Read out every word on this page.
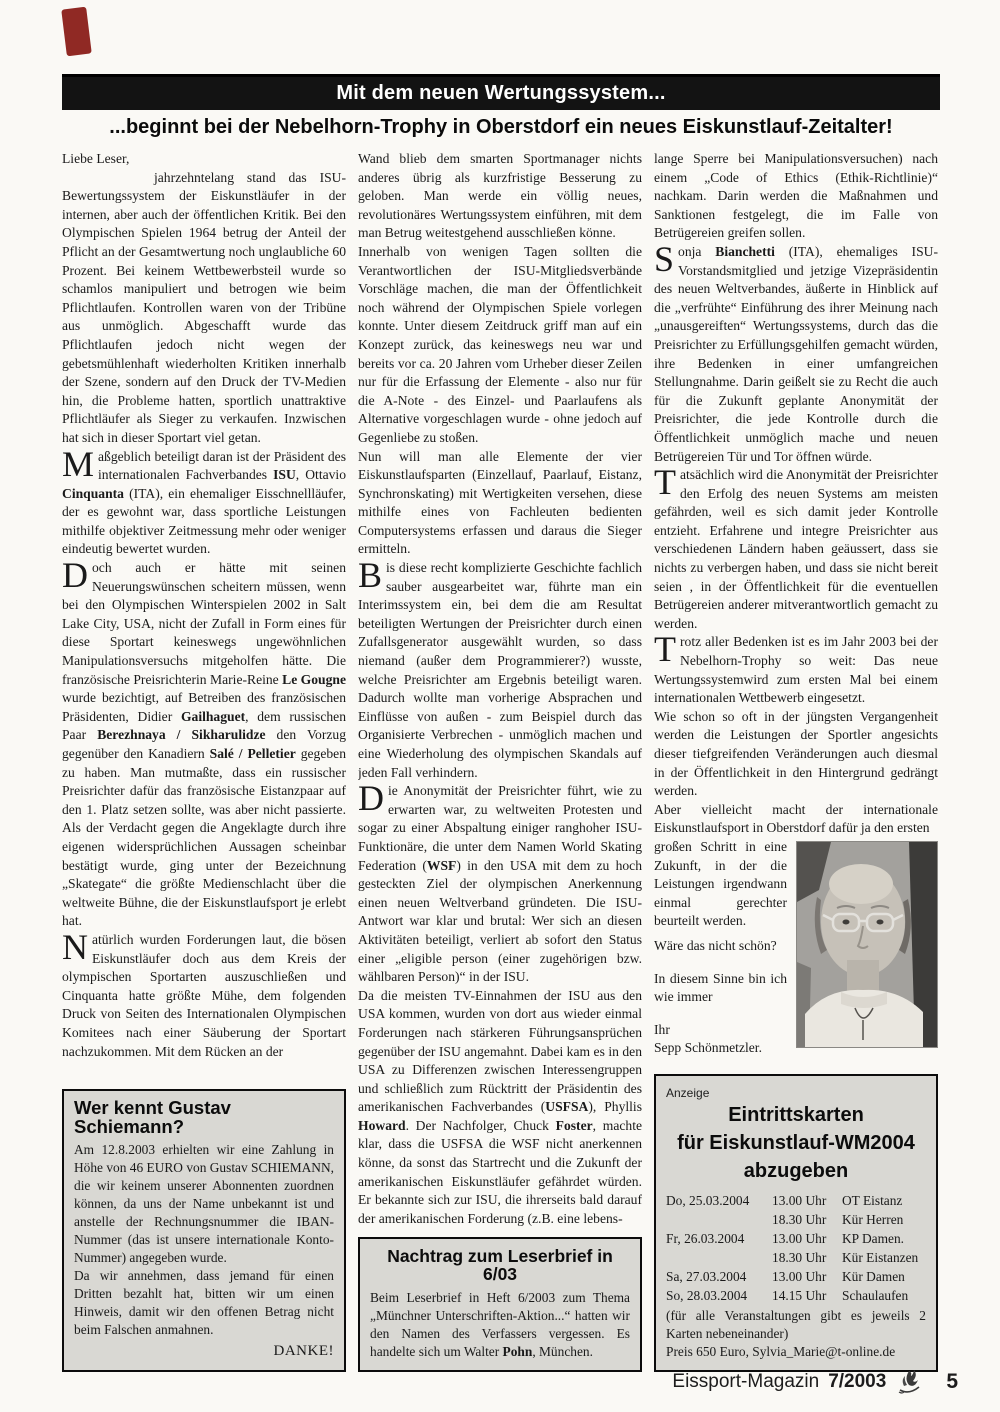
Mit dem neuen Wertungssystem...
...beginnt bei der Nebelhorn-Trophy in Oberstdorf ein neues Eiskunstlauf-Zeitalter!

Liebe Leser,

jahrzehntelang stand das ISU-Bewertungssystem der Eiskunstläufer in der internen, aber auch der öffentlichen Kritik. Bei den Olympischen Spielen 1964 betrug der Anteil der Pflicht an der Gesamtwertung noch unglaubliche 60 Prozent. Bei keinem Wettbewerbsteil wurde so schamlos manipuliert und betrogen wie beim Pflichtlaufen. Kontrollen waren von der Tribüne aus unmöglich. Abgeschafft wurde das Pflichtlaufen jedoch nicht wegen der gebetsmühlenhaft wiederholten Kritiken innerhalb der Szene, sondern auf den Druck der TV-Medien hin, die Probleme hatten, sportlich unattraktive Pflichtläufer als Sieger zu verkaufen. Inzwischen hat sich in dieser Sportart viel getan.

Maßgeblich beteiligt daran ist der Präsident des internationalen Fachverbandes ISU, Ottavio Cinquanta (ITA), ein ehemaliger Eisschnellläufer, der es gewohnt war, dass sportliche Leistungen mithilfe objektiver Zeitmessung mehr oder weniger eindeutig bewertet wurden.

Doch auch er hätte mit seinen Neuerungswünschen scheitern müssen, wenn bei den Olympischen Winterspielen 2002 in Salt Lake City, USA, nicht der Zufall in Form eines für diese Sportart keineswegs ungewöhnlichen Manipulationsversuchs mitgeholfen hätte. Die französische Preisrichterin Marie-Reine Le Gougne wurde bezichtigt, auf Betreiben des französischen Präsidenten, Didier Gailhaguet, dem russischen Paar Berezhnaya / Sikharulidze den Vorzug gegenüber den Kanadiern Salé / Pelletier gegeben zu haben. Man mutmaßte, dass ein russischer Preisrichter dafür das französische Eistanzpaar auf den 1. Platz setzen sollte, was aber nicht passierte. Als der Verdacht gegen die Angeklagte durch ihre eigenen widersprüchlichen Aussagen scheinbar bestätigt wurde, ging unter der Bezeichnung „Skategate“ die größte Medienschlacht über die weltweite Bühne, die der Eiskunstlaufsport je erlebt hat.

Natürlich wurden Forderungen laut, die bösen Eiskunstläufer doch aus dem Kreis der olympischen Sportarten auszuschließen und Cinquanta hatte größte Mühe, dem folgenden Druck von Seiten des Internationalen Olympischen Komitees nach einer Säuberung der Sportart nachzukommen. Mit dem Rücken an der

Wer kennt Gustav Schiemann?

Am 12.8.2003 erhielten wir eine Zahlung in Höhe von 46 EURO von Gustav SCHIEMANN, die wir keinem unserer Abonnenten zuordnen können, da uns der Name unbekannt ist und anstelle der Rechnungsnummer die IBAN-Nummer (das ist unsere internationale Konto-Nummer) angegeben wurde.

Da wir annehmen, dass jemand für einen Dritten bezahlt hat, bitten wir um einen Hinweis, damit wir den offenen Betrag nicht beim Falschen anmahnen.

DANKE!

Wand blieb dem smarten Sportmanager nichts anderes übrig als kurzfristige Besserung zu geloben. Man werde ein völlig neues, revolutionäres Wertungssystem einführen, mit dem man Betrug weitestgehend ausschließen könne.

Innerhalb von wenigen Tagen sollten die Verantwortlichen der ISU-Mitgliedsverbände Vorschläge machen, die man der Öffentlichkeit noch während der Olympischen Spiele vorlegen konnte. Unter diesem Zeitdruck griff man auf ein Konzept zurück, das keineswegs neu war und bereits vor ca. 20 Jahren vom Urheber dieser Zeilen nur für die Erfassung der Elemente - also nur für die A-Note - des Einzel- und Paarlaufens als Alternative vorgeschlagen wurde - ohne jedoch auf Gegenliebe zu stoßen.

Nun will man alle Elemente der vier Eiskunstlaufsparten (Einzellauf, Paarlauf, Eistanz, Synchronskating) mit Wertigkeiten versehen, diese mithilfe eines von Fachleuten bedienten Computersystems erfassen und daraus die Sieger ermitteln.

Bis diese recht komplizierte Geschichte fachlich sauber ausgearbeitet war, führte man ein Interimssystem ein, bei dem die am Resultat beteiligten Wertungen der Preisrichter durch einen Zufallsgenerator ausgewählt wurden, so dass niemand (außer dem Programmierer?) wusste, welche Preisrichter am Ergebnis beteiligt waren. Dadurch wollte man vorherige Absprachen und Einflüsse von außen - zum Beispiel durch das Organisierte Verbrechen - unmöglich machen und eine Wiederholung des olympischen Skandals auf jeden Fall verhindern.

Die Anonymität der Preisrichter führt, wie zu erwarten war, zu weltweiten Protesten und sogar zu einer Abspaltung einiger ranghoher ISU-Funktionäre, die unter dem Namen World Skating Federation (WSF) in den USA mit dem zu hoch gesteckten Ziel der olympischen Anerkennung einen neuen Weltverband gründeten. Die ISU-Antwort war klar und brutal: Wer sich an diesen Aktivitäten beteiligt, verliert ab sofort den Status einer „eligible person (einer zugehörigen bzw. wählbaren Person)“ in der ISU.

Da die meisten TV-Einnahmen der ISU aus den USA kommen, wurden von dort aus wieder einmal Forderungen nach stärkeren Führungsansprüchen gegenüber der ISU angemahnt. Dabei kam es in den USA zu Differenzen zwischen Interessengruppen und schließlich zum Rücktritt der Präsidentin des amerikanischen Fachverbandes (USFSA), Phyllis Howard. Der Nachfolger, Chuck Foster, machte klar, dass die USFSA die WSF nicht anerkennen könne, da sonst das Startrecht und die Zukunft der amerikanischen Eiskunstläufer gefährdet würden. Er bekannte sich zur ISU, die ihrerseits bald darauf der amerikanischen Forderung (z.B. eine lebens-

Nachtrag zum Leserbrief in 6/03

Beim Leserbrief in Heft 6/2003 zum Thema „Münchner Unterschriften-Aktion...“ hatten wir den Namen des Verfassers vergessen. Es handelte sich um Walter Pohn, München.

lange Sperre bei Manipulationsversuchen) nach einem „Code of Ethics (Ethik-Richtlinie)“ nachkam. Darin werden die Maßnahmen und Sanktionen festgelegt, die im Falle von Betrügereien greifen sollen.

Sonja Bianchetti (ITA), ehemaliges ISU-Vorstandsmitglied und jetzige Vizepräsidentin des neuen Weltverbandes, äußerte in Hinblick auf die „verfrühte“ Einführung des ihrer Meinung nach „unausgereiften“ Wertungssystems, durch das die Preisrichter zu Erfüllungsgehilfen gemacht würden, ihre Bedenken in einer umfangreichen Stellungnahme. Darin geißelt sie zu Recht die auch für die Zukunft geplante Anonymität der Preisrichter, die jede Kontrolle durch die Öffentlichkeit unmöglich mache und neuen Betrügereien Tür und Tor öffnen würde.

Tatsächlich wird die Anonymität der Preisrichter den Erfolg des neuen Systems am meisten gefährden, weil es sich damit jeder Kontrolle entzieht. Erfahrene und integre Preisrichter aus verschiedenen Ländern haben geäussert, dass sie nichts zu verbergen haben, und dass sie nicht bereit seien , in der Öffentlichkeit für die eventuellen Betrügereien anderer mitverantwortlich gemacht zu werden.

Trotz aller Bedenken ist es im Jahr 2003 bei der Nebelhorn-Trophy so weit: Das neue Wertungssystemwird zum ersten Mal bei einem internationalen Wettbewerb eingesetzt.

Wie schon so oft in der jüngsten Vergangenheit werden die Leistungen der Sportler angesichts dieser tiefgreifenden Veränderungen auch diesmal in der Öffentlichkeit in den Hintergrund gedrängt werden.

Aber vielleicht macht der internationale Eiskunstlaufsport in Oberstdorf dafür ja den ersten

großen Schritt in eine Zukunft, in der die Leistungen irgendwann einmal gerechter beurteilt werden.

Wäre das nicht schön?

In diesem Sinne bin ich wie immer

Ihr

Sepp Schönmetzler.

Anzeige
Eintrittskarten
für Eiskunstlauf-WM2004
abzugeben
Do, 25.03.2004	13.00 Uhr	OT Eistanz
18.30 Uhr	Kür Herren
Fr, 26.03.2004	13.00 Uhr	KP Damen.
18.30 Uhr	Kür Eistanzen
Sa, 27.03.2004	13.00 Uhr	Kür Damen
So, 28.03.2004	14.15 Uhr	Schaulaufen

(für alle Veranstaltungen gibt es jeweils 2 Karten nebeneinander)

Preis 650 Euro, Sylvia_Marie@t-online.de

Eissport-Magazin 7/2003	5
